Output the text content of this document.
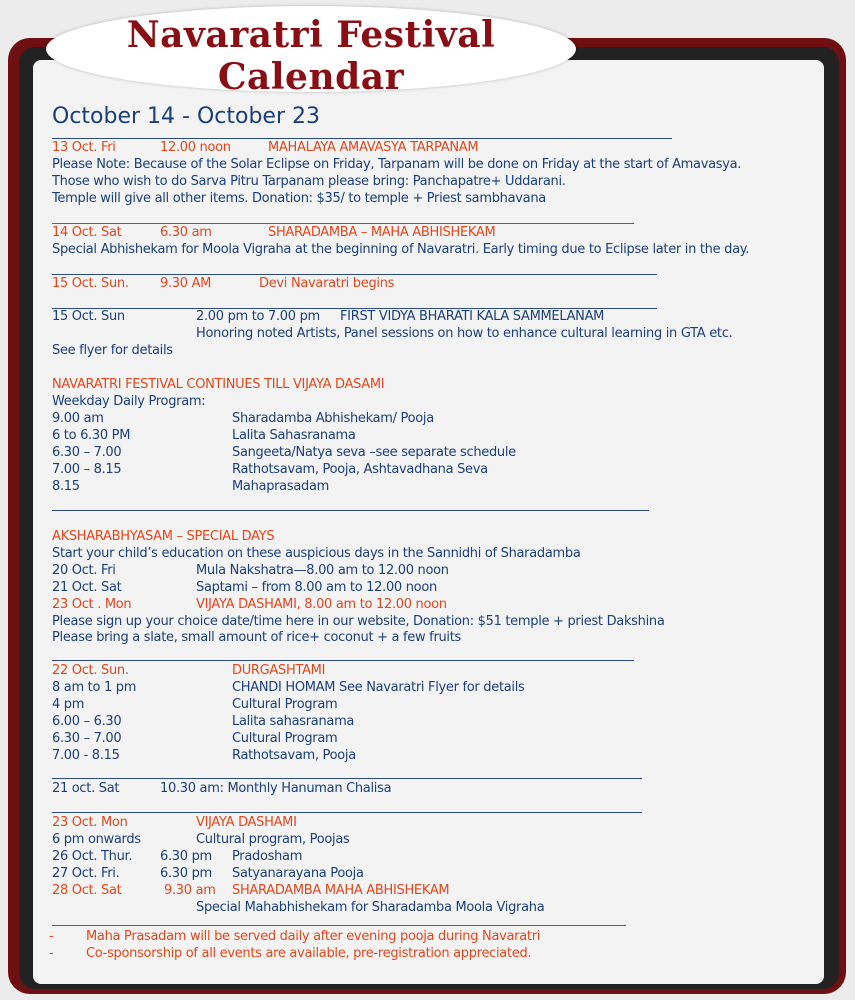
Navaratri Festival Calendar
October 14 - October 23
13 Oct. Fri	12.00 noon	MAHALAYA AMAVASYA TARPANAM
Please Note: Because of the Solar Eclipse on Friday, Tarpanam will be done on Friday at the start of Amavasya.
Those who wish to do Sarva Pitru Tarpanam please bring: Panchapatre+ Uddarani.
Temple will give all other items. Donation: $35/ to temple + Priest sambhavana
14 Oct. Sat	6.30 am	SHARADAMBA – MAHA ABHISHEKAM
Special Abhishekam for Moola Vigraha at the beginning of Navaratri. Early timing due to Eclipse later in the day.
15 Oct. Sun. 9.30 AM	Devi Navaratri begins
15 Oct. Sun	2.00 pm to 7.00 pm FIRST VIDYA BHARATI KALA SAMMELANAM
Honoring noted Artists, Panel sessions on how to enhance cultural learning in GTA etc.
See flyer for details
NAVARATRI FESTIVAL CONTINUES TILL VIJAYA DASAMI
Weekday Daily Program:
9.00 am	Sharadamba Abhishekam/ Pooja
6 to 6.30 PM	Lalita Sahasranama
6.30 – 7.00	Sangeeta/Natya seva –see separate schedule
7.00 – 8.15	Rathotsavam, Pooja, Ashtavadhana Seva
8.15	Mahaprasadam
AKSHARABHYASAM – SPECIAL DAYS
Start your child’s education on these auspicious days in the Sannidhi of Sharadamba
20 Oct. Fri	Mula Nakshatra—8.00 am to 12.00 noon
21 Oct. Sat	Saptami – from 8.00 am to 12.00 noon
23 Oct . Mon	VIJAYA DASHAMI, 8.00 am to 12.00 noon
Please sign up your choice date/time here in our website, Donation: $51 temple + priest Dakshina
Please bring a slate, small amount of rice+ coconut + a few fruits
22 Oct. Sun.	DURGASHTAMI
8 am to 1 pm	CHANDI HOMAM See Navaratri Flyer for details
4 pm	Cultural Program
6.00 – 6.30	Lalita sahasranama
6.30 – 7.00	Cultural Program
7.00 - 8.15	Rathotsavam, Pooja
21 oct. Sat	10.30 am: Monthly Hanuman Chalisa
23 Oct. Mon	VIJAYA DASHAMI
6 pm onwards	Cultural program, Poojas
26 Oct. Thur. 6.30 pm Pradosham
27 Oct. Fri.	6.30 pm Satyanarayana Pooja
28 Oct. Sat	9.30 am SHARADAMBA MAHA ABHISHEKAM
Special Mahabhishekam for Sharadamba Moola Vigraha
-	Maha Prasadam will be served daily after evening pooja during Navaratri
-	Co-sponsorship of all events are available, pre-registration appreciated.
